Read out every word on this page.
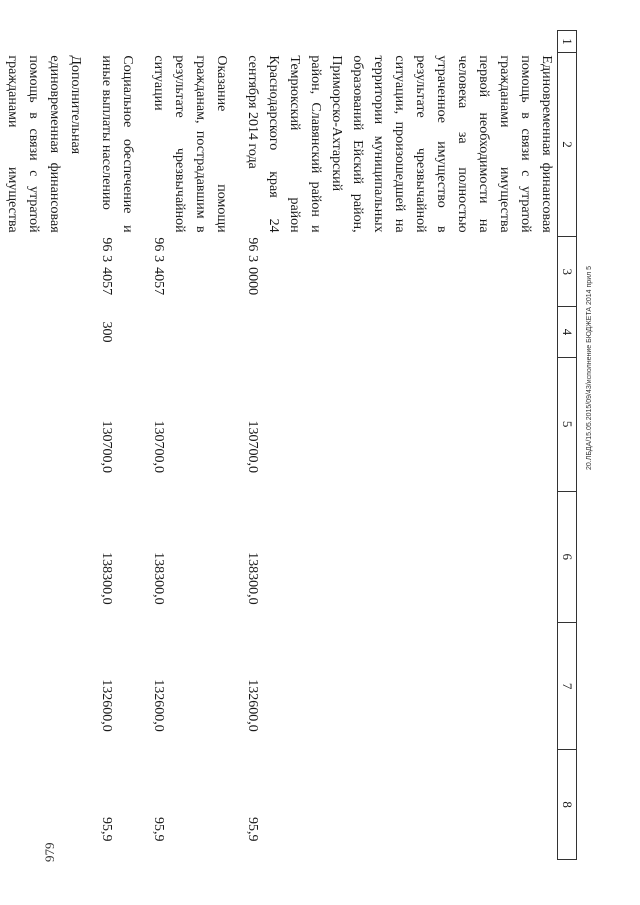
1	2	3			4	5	6	7	8
	Единовременная финансовая помощь в связи с утратой гражданами имущества первой необходимости на человека за полностью утраченное имущество в результате чрезвычайной ситуации, произошедшей на территории муниципальных образований Ейский район, Приморско-Ахтарский район, Славянский район и Темрюкский район Краснодарского края 24 сентября 2014 года	96	3	0000		130700,0	138300,0	132600,0	95,9

	Оказание помощи гражданам, пострадавшим в результате чрезвычайной ситуации	96	3	4057		130700,0	138300,0	132600,0	95,9

	Социальное обеспечение и иные выплаты населению	96	3	4057	300	130700,0	138300,0	132600,0	95,9

	Дополнительная единовременная финансовая помощь в связи с утратой гражданами имущества								
20.ЛБДА/15.05.2015/09/43/исполнение БЮДЖЕТА 2014 прил 5
979
